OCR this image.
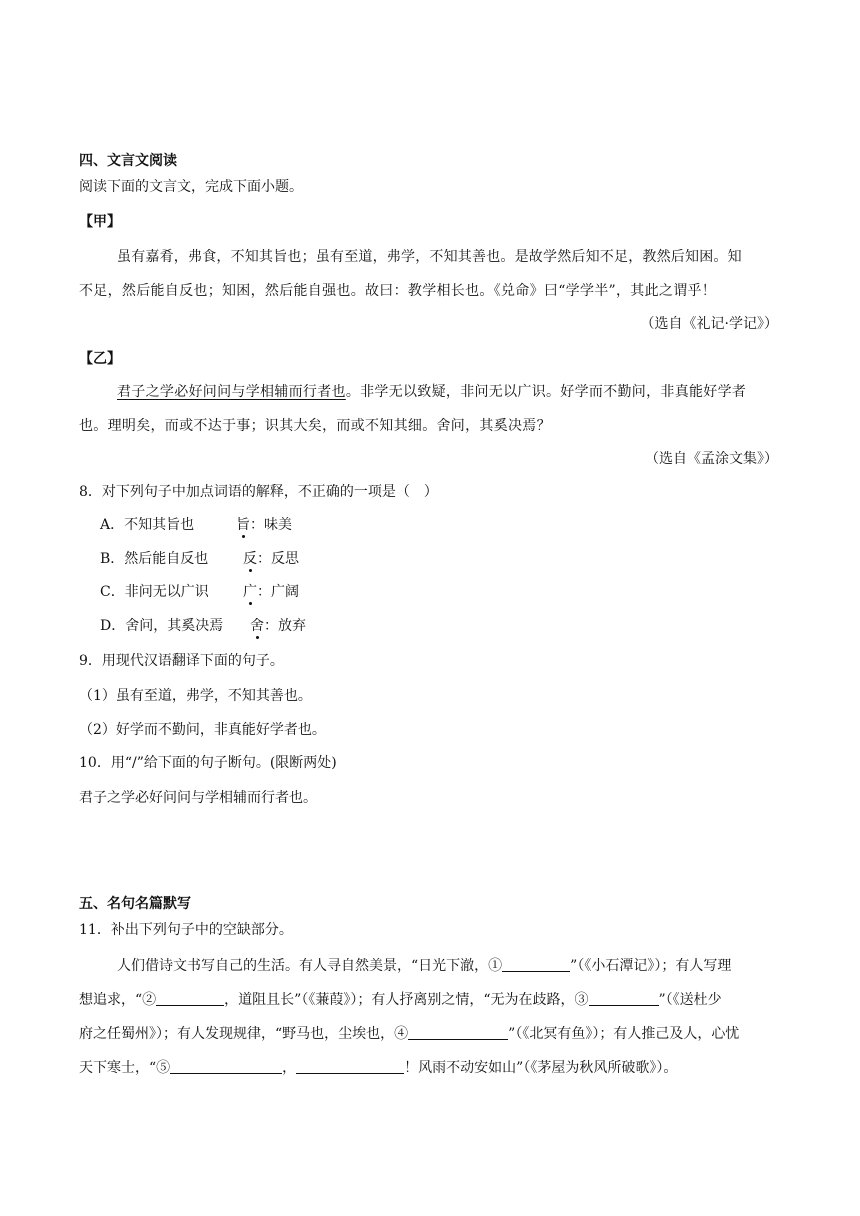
四、文言文阅读
阅读下面的文言文，完成下面小题。
【甲】
虽有嘉肴，弗食，不知其旨也；虽有至道，弗学，不知其善也。是故学然后知不足，教然后知困。知
不足，然后能自反也；知困，然后能自强也。故曰：教学相长也。《兑命》曰“学学半”，其此之谓乎！
（选自《礼记·学记》）
【乙】
君子之学必好问问与学相辅而行者也。非学无以致疑，非问无以广识。好学而不勤问，非真能好学者
也。理明矣，而或不达于事；识其大矣，而或不知其细。舍问，其奚决焉？
（选自《孟涂文集》）
8．对下列句子中加点词语的解释，不正确的一项是（　）
A．不知其旨也	旨：味美
B．然后能自反也 反：反思
C．非问无以广识 广：广阔
D．舍问，其奚决焉 舍：放弃
9．用现代汉语翻译下面的句子。
（1）虽有至道，弗学，不知其善也。
（2）好学而不勤问，非真能好学者也。
10．用“/”给下面的句子断句。(限断两处)
君子之学必好问问与学相辅而行者也。
五、名句名篇默写
11．补出下列句子中的空缺部分。
人们借诗文书写自己的生活。有人寻自然美景，“日光下澈，①	”（《小石潭记》）；有人写理
想追求，“②	，道阻且长”（《蒹葭》）；有人抒离别之情，“无为在歧路，③	”（《送杜少
府之任蜀州》）；有人发现规律，“野马也，尘埃也，④	”（《北冥有鱼》）；有人推己及人，心忧
天下寒士，“⑤	，	！风雨不动安如山”（《茅屋为秋风所破歌》）。
